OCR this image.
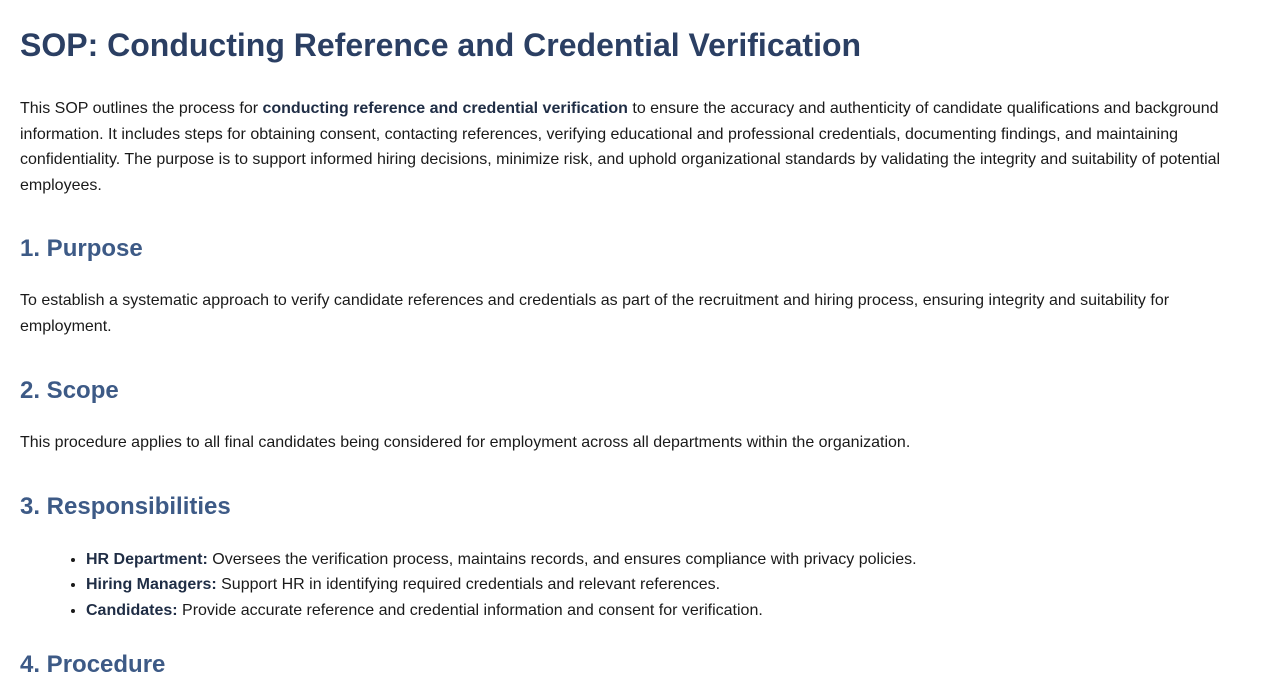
SOP: Conducting Reference and Credential Verification

This SOP outlines the process for conducting reference and credential verification to ensure the accuracy and authenticity of candidate qualifications and background information. It includes steps for obtaining consent, contacting references, verifying educational and professional credentials, documenting findings, and maintaining confidentiality. The purpose is to support informed hiring decisions, minimize risk, and uphold organizational standards by validating the integrity and suitability of potential employees.

1. Purpose

To establish a systematic approach to verify candidate references and credentials as part of the recruitment and hiring process, ensuring integrity and suitability for employment.

2. Scope

This procedure applies to all final candidates being considered for employment across all departments within the organization.

3. Responsibilities
• HR Department: Oversees the verification process, maintains records, and ensures compliance with privacy policies.
• Hiring Managers: Support HR in identifying required credentials and relevant references.
• Candidates: Provide accurate reference and credential information and consent for verification.
4. Procedure
